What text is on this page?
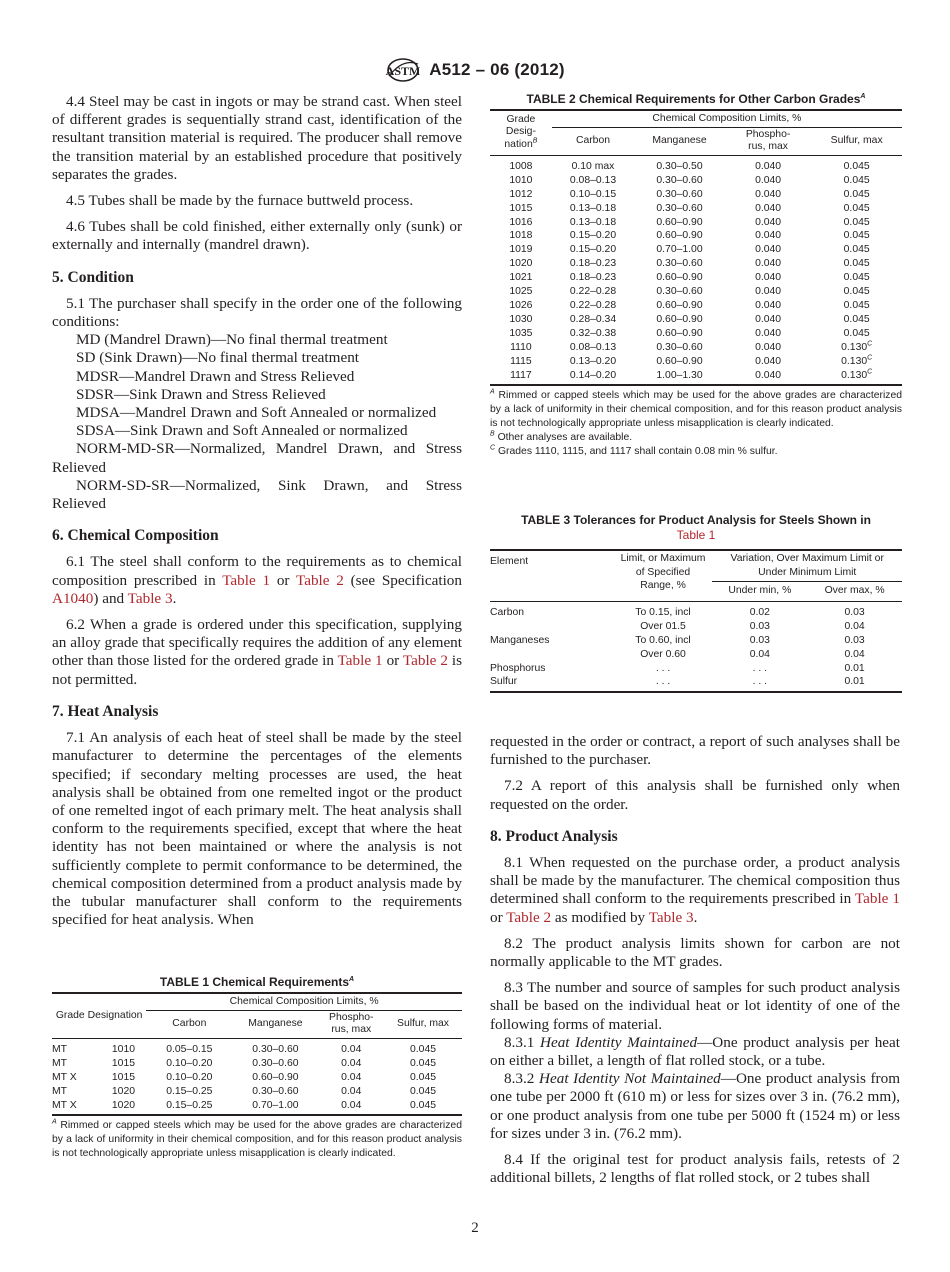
ASTM A512 – 06 (2012)

4.4 Steel may be cast in ingots or may be strand cast. When steel of different grades is sequentially strand cast, identification of the resultant transition material is required. The producer shall remove the transition material by an established procedure that positively separates the grades.

4.5 Tubes shall be made by the furnace buttweld process.

4.6 Tubes shall be cold finished, either externally only (sunk) or externally and internally (mandrel drawn).

5. Condition

5.1 The purchaser shall specify in the order one of the following conditions:

MD (Mandrel Drawn)—No final thermal treatment
SD (Sink Drawn)—No final thermal treatment
MDSR—Mandrel Drawn and Stress Relieved
SDSR—Sink Drawn and Stress Relieved
MDSA—Mandrel Drawn and Soft Annealed or normalized
SDSA—Sink Drawn and Soft Annealed or normalized
NORM-MD-SR—Normalized, Mandrel Drawn, and Stress Relieved
NORM-SD-SR—Normalized, Sink Drawn, and Stress Relieved
6. Chemical Composition

6.1 The steel shall conform to the requirements as to chemical composition prescribed in Table 1 or Table 2 (see Specification A1040) and Table 3.

6.2 When a grade is ordered under this specification, supplying an alloy grade that specifically requires the addition of any element other than those listed for the ordered grade in Table 1 or Table 2 is not permitted.

7. Heat Analysis

7.1 An analysis of each heat of steel shall be made by the steel manufacturer to determine the percentages of the elements specified; if secondary melting processes are used, the heat analysis shall be obtained from one remelted ingot or the product of one remelted ingot of each primary melt. The heat analysis shall conform to the requirements specified, except that where the heat identity has not been maintained or where the analysis is not sufficiently complete to permit conformance to be determined, the chemical composition determined from a product analysis made by the tubular manufacturer shall conform to the requirements specified for heat analysis. When

TABLE 2 Chemical Requirements for Other Carbon Grades$^A$
Grade
Desig-
nation$^B$	Chemical Composition Limits, %			
	Carbon	Manganese	Phospho-
rus, max	Sulfur, max
1008	0.10 max	0.30–0.50	0.040	0.045
1010	0.08–0.13	0.30–0.60	0.040	0.045
1012	0.10–0.15	0.30–0.60	0.040	0.045
1015	0.13–0.18	0.30–0.60	0.040	0.045
1016	0.13–0.18	0.60–0.90	0.040	0.045
1018	0.15–0.20	0.60–0.90	0.040	0.045
1019	0.15–0.20	0.70–1.00	0.040	0.045
1020	0.18–0.23	0.30–0.60	0.040	0.045
1021	0.18–0.23	0.60–0.90	0.040	0.045
1025	0.22–0.28	0.30–0.60	0.040	0.045
1026	0.22–0.28	0.60–0.90	0.040	0.045
1030	0.28–0.34	0.60–0.90	0.040	0.045
1035	0.32–0.38	0.60–0.90	0.040	0.045
1110	0.08–0.13	0.30–0.60	0.040	$0.130^C$
1115	0.13–0.20	0.60–0.90	0.040	$0.130^C$
1117	0.14–0.20	1.00–1.30	0.040	$0.130^C$

$^A$ Rimmed or capped steels which may be used for the above grades are characterized by a lack of uniformity in their chemical composition, and for this reason product analysis is not technologically appropriate unless misapplication is clearly indicated.

$^B$ Other analyses are available.

$^C$ Grades 1110, 1115, and 1117 shall contain 0.08 min % sulfur.

TABLE 3 Tolerances for Product Analysis for Steels Shown in
Table 1
Element	Limit, or Maximum
of Specified
Range, %	Variation, Over Maximum Limit or
Under Minimum Limit	
		Under min, %	Over max, %
Carbon	To 0.15, incl	0.02	0.03
	Over 01.5	0.03	0.04
Manganeses	To 0.60, incl	0.03	0.03
	Over 0.60	0.04	0.04
Phosphorus	. . .	. . .	0.01
Sulfur	. . .	. . .	0.01

requested in the order or contract, a report of such analyses shall be furnished to the purchaser.

7.2 A report of this analysis shall be furnished only when requested on the order.

8. Product Analysis

8.1 When requested on the purchase order, a product analysis shall be made by the manufacturer. The chemical composition thus determined shall conform to the requirements prescribed in Table 1 or Table 2 as modified by Table 3.

8.2 The product analysis limits shown for carbon are not normally applicable to the MT grades.

8.3 The number and source of samples for such product analysis shall be based on the individual heat or lot identity of one of the following forms of material.

8.3.1 Heat Identity Maintained—One product analysis per heat on either a billet, a length of flat rolled stock, or a tube.

8.3.2 Heat Identity Not Maintained—One product analysis from one tube per 2000 ft (610 m) or less for sizes over 3 in. (76.2 mm), or one product analysis from one tube per 5000 ft (1524 m) or less for sizes under 3 in. (76.2 mm).

8.4 If the original test for product analysis fails, retests of 2 additional billets, 2 lengths of flat rolled stock, or 2 tubes shall

TABLE 1 Chemical Requirements$^A$
Grade Designation		Chemical Composition Limits, %			
		Carbon	Manganese	Phospho-
rus, max	Sulfur, max
MT	1010	0.05–0.15	0.30–0.60	0.04	0.045
MT	1015	0.10–0.20	0.30–0.60	0.04	0.045
MT X	1015	0.10–0.20	0.60–0.90	0.04	0.045
MT	1020	0.15–0.25	0.30–0.60	0.04	0.045
MT X	1020	0.15–0.25	0.70–1.00	0.04	0.045

$^A$ Rimmed or capped steels which may be used for the above grades are characterized by a lack of uniformity in their chemical composition, and for this reason product analysis is not technologically appropriate unless misapplication is clearly indicated.

2
